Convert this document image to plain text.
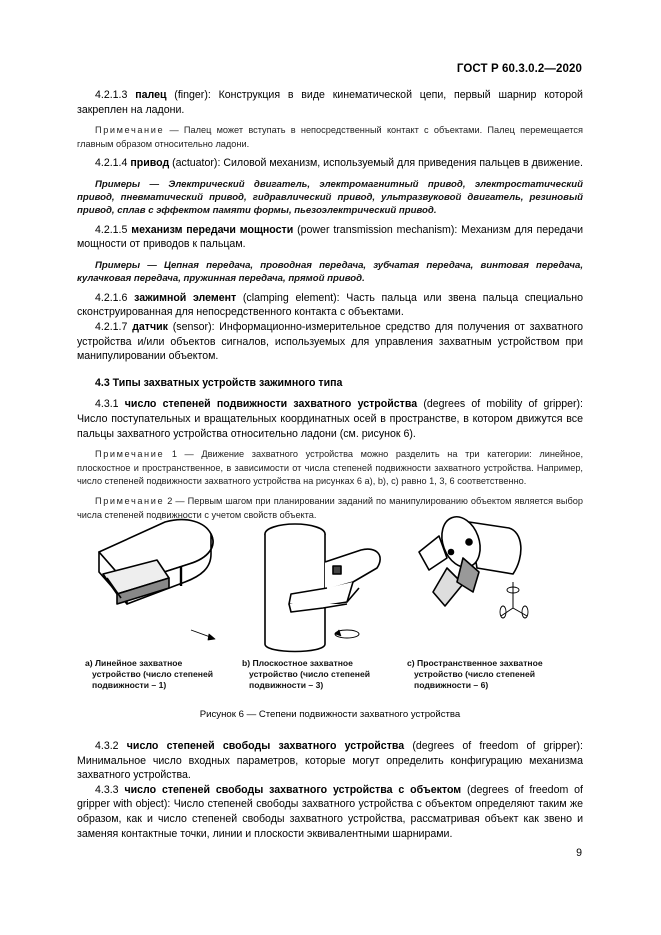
ГОСТ Р 60.3.0.2—2020

4.2.1.3 палец (finger): Конструкция в виде кинематической цепи, первый шарнир которой закреплен на ладони.

Примечание — Палец может вступать в непосредственный контакт с объектами. Палец перемещается главным образом относительно ладони.

4.2.1.4 привод (actuator): Силовой механизм, используемый для приведения пальцев в движение.

Примеры — Электрический двигатель, электромагнитный привод, электростатический привод, пневматический привод, гидравлический привод, ультразвуковой двигатель, резиновый привод, сплав с эффектом памяти формы, пьезоэлектрический привод.

4.2.1.5 механизм передачи мощности (power transmission mechanism): Механизм для передачи мощности от приводов к пальцам.

Примеры — Цепная передача, проводная передача, зубчатая передача, винтовая передача, кулачковая передача, пружинная передача, прямой привод.

4.2.1.6 зажимной элемент (clamping element): Часть пальца или звена пальца специально сконструированная для непосредственного контакта с объектами.

4.2.1.7 датчик (sensor): Информационно-измерительное средство для получения от захватного устройства и/или объектов сигналов, используемых для управления захватным устройством при манипулировании объектом.

4.3 Типы захватных устройств зажимного типа

4.3.1 число степеней подвижности захватного устройства (degrees of mobility of gripper): Число поступательных и вращательных координатных осей в пространстве, в котором движутся все пальцы захватного устройства относительно ладони (см. рисунок 6).

Примечание 1 — Движение захватного устройства можно разделить на три категории: линейное, плоскостное и пространственное, в зависимости от числа степеней подвижности захватного устройства. Например, число степеней подвижности захватного устройства на рисунках 6 а), b), с) равно 1, 3, 6 соответственно.

Примечание 2 — Первым шагом при планировании заданий по манипулированию объектом является выбор числа степеней подвижности с учетом свойств объекта.

а) Линейное захватное
устройство (число степеней
подвижности – 1)
b) Плоскостное захватное
устройство (число степеней
подвижности – 3)
с) Пространственное захватное
устройство (число степеней
подвижности – 6)
Рисунок 6 — Степени подвижности захватного устройства

4.3.2 число степеней свободы захватного устройства (degrees of freedom of gripper): Минимальное число входных параметров, которые могут определить конфигурацию механизма захватного устройства.

4.3.3 число степеней свободы захватного устройства с объектом (degrees of freedom of gripper with object): Число степеней свободы захватного устройства с объектом определяют таким же образом, как и число степеней свободы захватного устройства, рассматривая объект как звено и заменяя контактные точки, линии и плоскости эквивалентными шарнирами.

9
